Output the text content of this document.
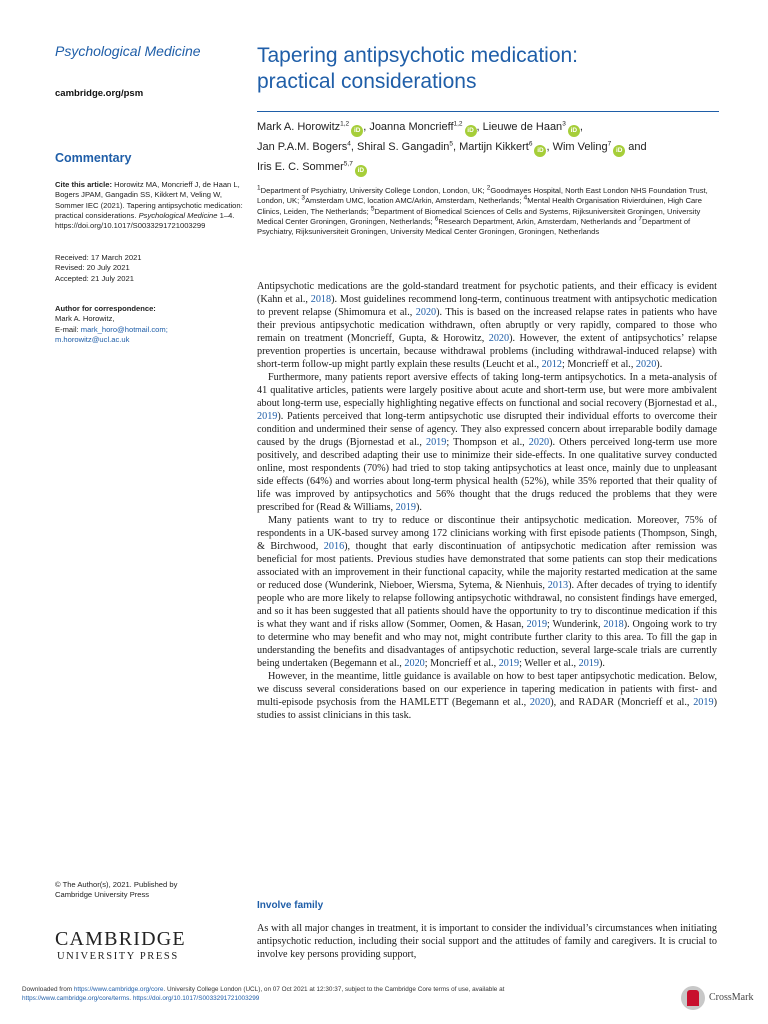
Psychological Medicine
cambridge.org/psm
Commentary
Cite this article: Horowitz MA, Moncrieff J, de Haan L, Bogers JPAM, Gangadin SS, Kikkert M, Veling W, Sommer IEC (2021). Tapering antipsychotic medication: practical considerations. Psychological Medicine 1–4. https://doi.org/10.1017/S0033291721003299
Received: 17 March 2021
Revised: 20 July 2021
Accepted: 21 July 2021
Author for correspondence:
Mark A. Horowitz,
E-mail: mark_horo@hotmail.com;
m.horowitz@ucl.ac.uk
© The Author(s), 2021. Published by
Cambridge University Press
CAMBRIDGE
UNIVERSITY PRESS
Tapering antipsychotic medication:
practical considerations
Mark A. Horowitz$^{1,2}$iD , Joanna Moncrieff$^{1,2}$iD , Lieuwe de Haan$^3$iD ,
Jan P.A.M. Bogers$^4$, Shiral S. Gangadin$^5$, Martijn Kikkert$^6$iD , Wim Veling$^7$iD and
Iris E. C. Sommer$^{5,7}$iD
$^1$Department of Psychiatry, University College London, London, UK; $^2$Goodmayes Hospital, North East London NHS Foundation Trust, London, UK; $^3$Amsterdam UMC, location AMC/Arkin, Amsterdam, Netherlands; $^4$Mental Health Organisation Rivierduinen, High Care Clinics, Leiden, The Netherlands; $^5$Department of Biomedical Sciences of Cells and Systems, Rijksuniversiteit Groningen, University Medical Center Groningen, Groningen, Netherlands; $^6$Research Department, Arkin, Amsterdam, Netherlands and $^7$Department of Psychiatry, Rijksuniversiteit Groningen, University Medical Center Groningen, Groningen, Netherlands

Antipsychotic medications are the gold-standard treatment for psychotic patients, and their efficacy is evident (Kahn et al., 2018). Most guidelines recommend long-term, continuous treatment with antipsychotic medication to prevent relapse (Shimomura et al., 2020). This is based on the increased relapse rates in patients who have their previous antipsychotic medication withdrawn, often abruptly or very rapidly, compared to those who remain on treatment (Moncrieff, Gupta, & Horowitz, 2020). However, the extent of antipsychotics’ relapse prevention properties is uncertain, because withdrawal problems (including withdrawal-induced relapse) with short-term follow-up might partly explain these results (Leucht et al., 2012; Moncrieff et al., 2020).

Furthermore, many patients report aversive effects of taking long-term antipsychotics. In a meta-analysis of 41 qualitative articles, patients were largely positive about acute and short-term use, but were more ambivalent about long-term use, especially highlighting negative effects on functional and social recovery (Bjornestad et al., 2019). Patients perceived that long-term antipsychotic use disrupted their individual efforts to overcome their condition and undermined their sense of agency. They also expressed concern about irreparable bodily damage caused by the drugs (Bjornestad et al., 2019; Thompson et al., 2020). Others perceived long-term use more positively, and described adapting their use to minimize their side-effects. In one qualitative survey conducted online, most respondents (70%) had tried to stop taking antipsychotics at least once, mainly due to unpleasant side effects (64%) and worries about long-term physical health (52%), while 35% reported that their quality of life was improved by antipsychotics and 56% thought that the drugs reduced the problems that they were prescribed for (Read & Williams, 2019).

Many patients want to try to reduce or discontinue their antipsychotic medication. Moreover, 75% of respondents in a UK-based survey among 172 clinicians working with first episode patients (Thompson, Singh, & Birchwood, 2016), thought that early discontinuation of antipsychotic medication after remission was beneficial for most patients. Previous studies have demonstrated that some patients can stop their medications associated with an improvement in their functional capacity, while the majority restarted medication at the same or reduced dose (Wunderink, Nieboer, Wiersma, Sytema, & Nienhuis, 2013). After decades of trying to identify people who are more likely to relapse following antipsychotic withdrawal, no consistent findings have emerged, and so it has been suggested that all patients should have the opportunity to try to discontinue medication if this is what they want and if risks allow (Sommer, Oomen, & Hasan, 2019; Wunderink, 2018). Ongoing work to try to determine who may benefit and who may not, might contribute further clarity to this area. To fill the gap in understanding the benefits and disadvantages of antipsychotic reduction, several large-scale trials are currently being undertaken (Begemann et al., 2020; Moncrieff et al., 2019; Weller et al., 2019).

However, in the meantime, little guidance is available on how to best taper antipsychotic medication. Below, we discuss several considerations based on our experience in tapering medication in patients with first- and multi-episode psychosis from the HAMLETT (Begemann et al., 2020), and RADAR (Moncrieff et al., 2019) studies to assist clinicians in this task.

Involve family

As with all major changes in treatment, it is important to consider the individual’s circumstances when initiating antipsychotic reduction, including their social support and the attitudes of family and caregivers. It is crucial to involve key persons providing support,

Downloaded from https://www.cambridge.org/core. University College London (UCL), on 07 Oct 2021 at 12:30:37, subject to the Cambridge Core terms of use, available at
https://www.cambridge.org/core/terms. https://doi.org/10.1017/S0033291721003299	CrossMark
